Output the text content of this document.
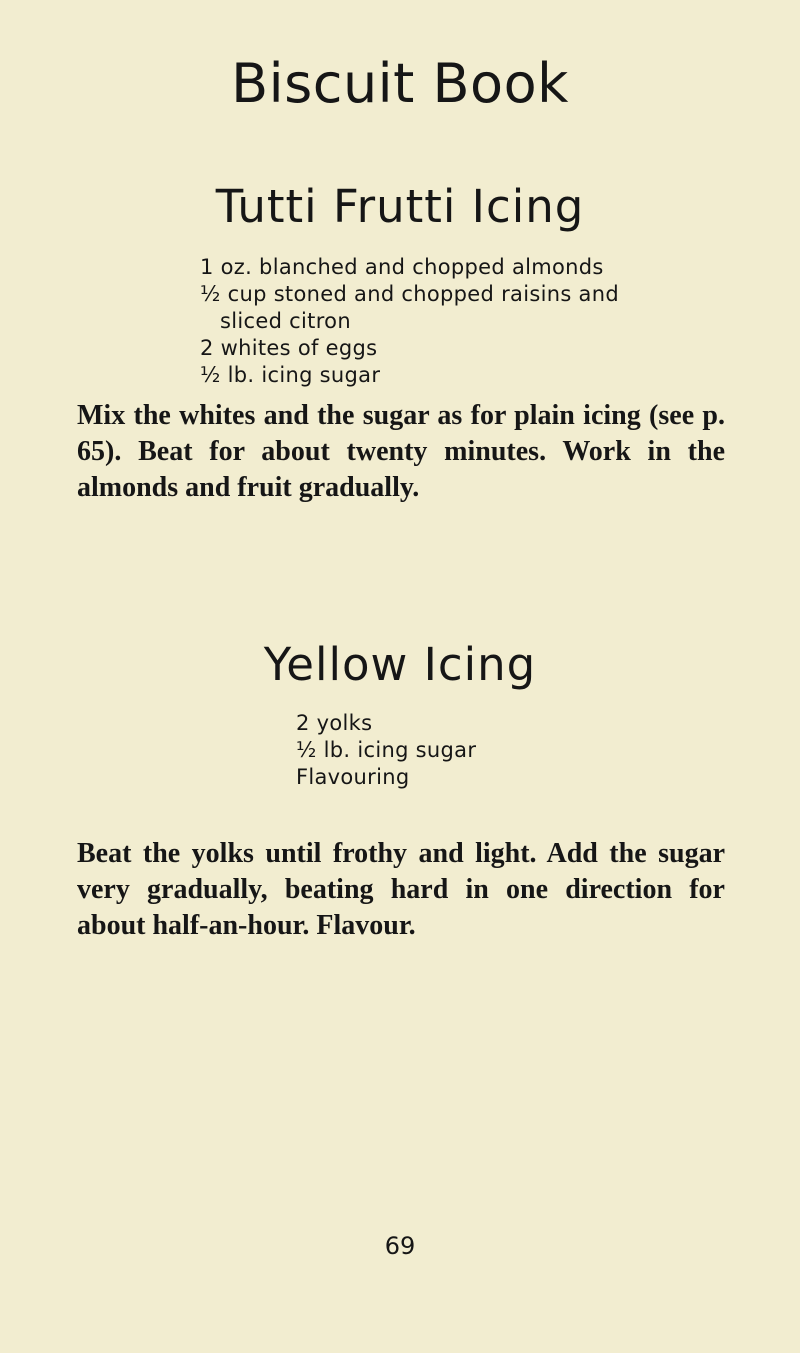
Biscuit Book
Tutti Frutti Icing
1 oz. blanched and chopped almonds
½ cup stoned and chopped raisins and
sliced citron
2 whites of eggs
½ lb. icing sugar

Mix the whites and the sugar as for plain icing (see p. 65). Beat for about twenty minutes. Work in the almonds and fruit gradually.

Yellow Icing
2 yolks
½ lb. icing sugar
Flavouring

Beat the yolks until frothy and light. Add the sugar very gradually, beating hard in one direction for about half-an-hour. Flavour.

69
